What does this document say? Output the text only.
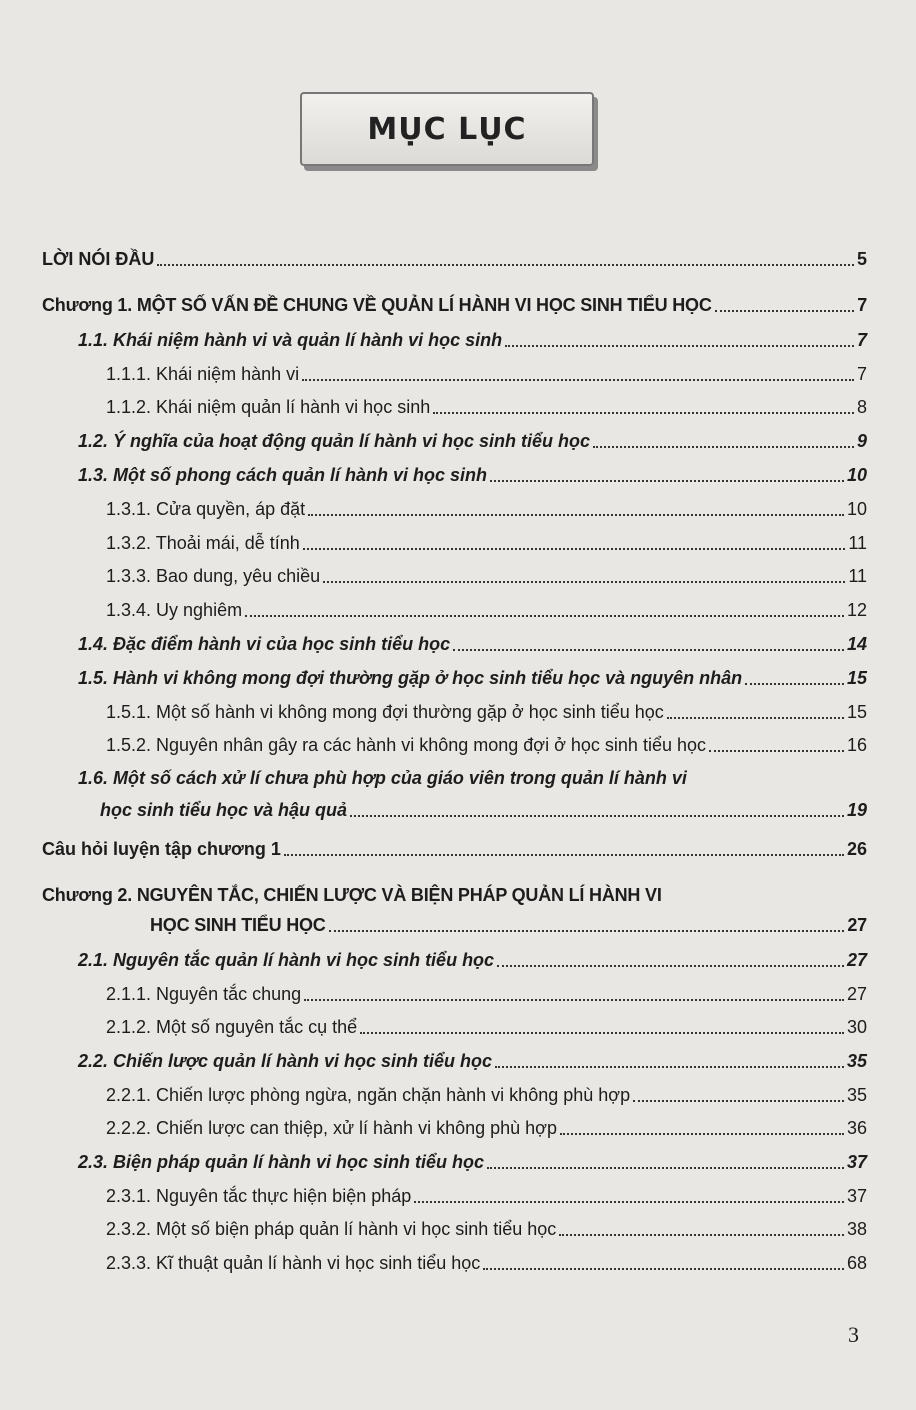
MỤC LỤC
LỜI NÓI ĐẦU	5
Chương 1. MỘT SỐ VẤN ĐỀ CHUNG VỀ QUẢN LÍ HÀNH VI HỌC SINH TIỂU HỌC	7
1.1. Khái niệm hành vi và quản lí hành vi học sinh	7
1.1.1. Khái niệm hành vi	7
1.1.2. Khái niệm quản lí hành vi học sinh	8
1.2. Ý nghĩa của hoạt động quản lí hành vi học sinh tiểu học	9
1.3. Một số phong cách quản lí hành vi học sinh	10
1.3.1. Cửa quyền, áp đặt	10
1.3.2. Thoải mái, dễ tính	11
1.3.3. Bao dung, yêu chiều	11
1.3.4. Uy nghiêm	12
1.4. Đặc điểm hành vi của học sinh tiểu học	14
1.5. Hành vi không mong đợi thường gặp ở học sinh tiểu học và nguyên nhân	15
1.5.1. Một số hành vi không mong đợi thường gặp ở học sinh tiểu học	15
1.5.2. Nguyên nhân gây ra các hành vi không mong đợi ở học sinh tiểu học	16
1.6. Một số cách xử lí chưa phù hợp của giáo viên trong quản lí hành vi
học sinh tiểu học và hậu quả	19
Câu hỏi luyện tập chương 1	26
Chương 2. NGUYÊN TẮC, CHIẾN LƯỢC VÀ BIỆN PHÁP QUẢN LÍ HÀNH VI
HỌC SINH TIỂU HỌC	27
2.1. Nguyên tắc quản lí hành vi học sinh tiểu học	27
2.1.1. Nguyên tắc chung	27
2.1.2. Một số nguyên tắc cụ thể	30
2.2. Chiến lược quản lí hành vi học sinh tiểu học	35
2.2.1. Chiến lược phòng ngừa, ngăn chặn hành vi không phù hợp	35
2.2.2. Chiến lược can thiệp, xử lí hành vi không phù hợp	36
2.3. Biện pháp quản lí hành vi học sinh tiểu học	37
2.3.1. Nguyên tắc thực hiện biện pháp	37
2.3.2. Một số biện pháp quản lí hành vi học sinh tiểu học	38
2.3.3. Kĩ thuật quản lí hành vi học sinh tiểu học	68
3
